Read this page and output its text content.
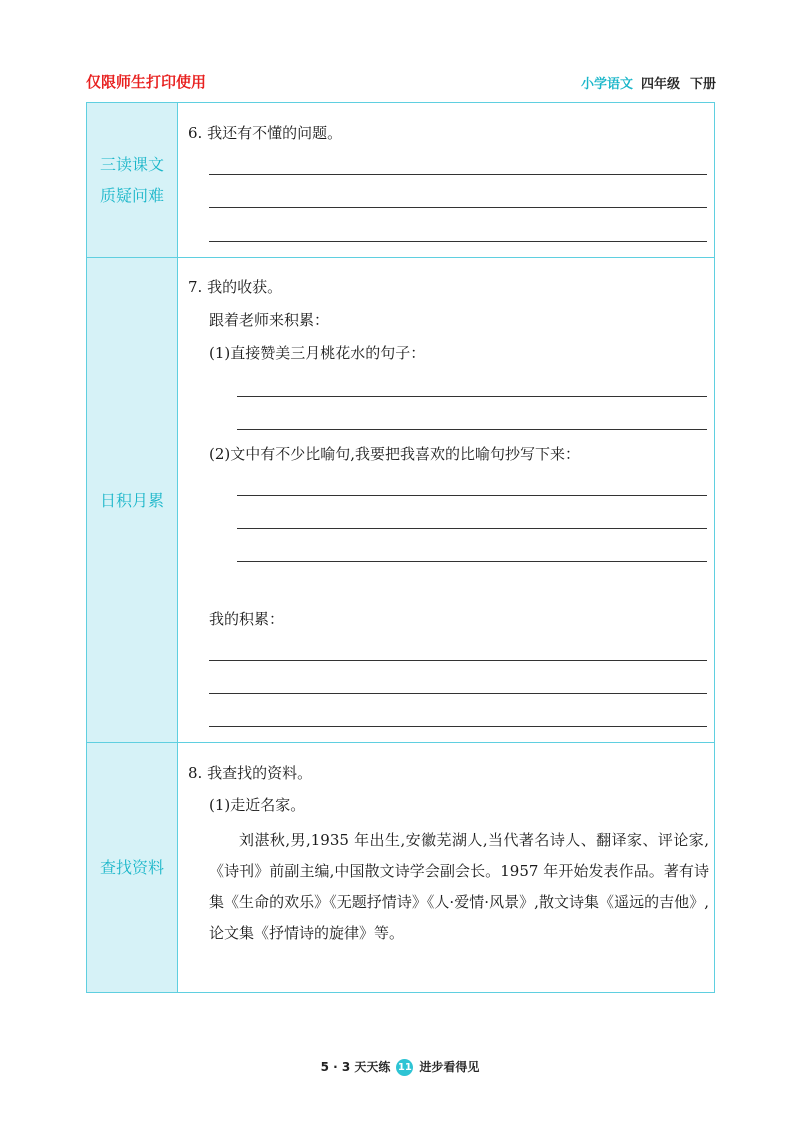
仅限师生打印使用	小学语文 四年级 下册
三读课文
质疑问难
6. 我还有不懂的问题。
日积月累
7. 我的收获。
跟着老师来积累：
(1)直接赞美三月桃花水的句子：
(2)文中有不少比喻句,我要把我喜欢的比喻句抄写下来：
我的积累：
查找资料
8. 我查找的资料。
(1)走近名家。
刘湛秋,男,1935 年出生,安徽芜湖人,当代著名诗人、翻译家、评论家,《诗刊》前副主编,中国散文诗学会副会长。1957 年开始发表作品。著有诗集《生命的欢乐》《无题抒情诗》《人·爱情·风景》,散文诗集《遥远的吉他》,论文集《抒情诗的旋律》等。
5 · 3 天天练 11 进步看得见
